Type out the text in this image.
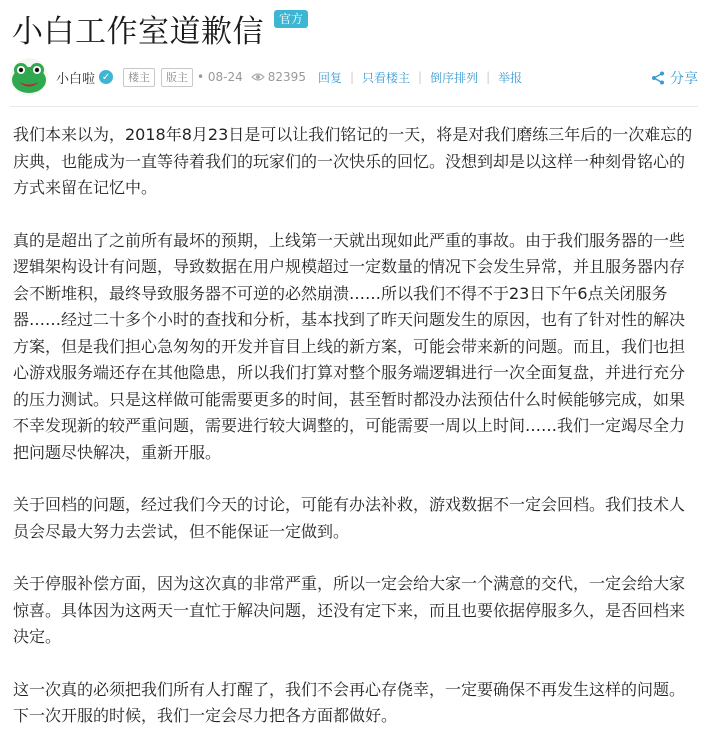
小白工作室道歉信	官方
小白啦 ✓	楼主	版主 • 08-24 82395 回复 | 只看楼主 | 倒序排列 | 举报	分享

我们本来以为，2018年8月23日是可以让我们铭记的一天，将是对我们磨练三年后的一次难忘的庆典，也能成为一直等待着我们的玩家们的一次快乐的回忆。没想到却是以这样一种刻骨铭心的方式来留在记忆中。

真的是超出了之前所有最坏的预期，上线第一天就出现如此严重的事故。由于我们服务器的一些逻辑架构设计有问题，导致数据在用户规模超过一定数量的情况下会发生异常，并且服务器内存会不断堆积，最终导致服务器不可逆的必然崩溃……所以我们不得不于23日下午6点关闭服务器……经过二十多个小时的查找和分析，基本找到了昨天问题发生的原因，也有了针对性的解决方案，但是我们担心急匆匆的开发并盲目上线的新方案，可能会带来新的问题。而且，我们也担心游戏服务端还存在其他隐患，所以我们打算对整个服务端逻辑进行一次全面复盘，并进行充分的压力测试。只是这样做可能需要更多的时间，甚至暂时都没办法预估什么时候能够完成，如果不幸发现新的较严重问题，需要进行较大调整的，可能需要一周以上时间……我们一定竭尽全力把问题尽快解决，重新开服。

关于回档的问题，经过我们今天的讨论，可能有办法补救，游戏数据不一定会回档。我们技术人员会尽最大努力去尝试，但不能保证一定做到。

关于停服补偿方面，因为这次真的非常严重，所以一定会给大家一个满意的交代，一定会给大家惊喜。具体因为这两天一直忙于解决问题，还没有定下来，而且也要依据停服多久，是否回档来决定。

这一次真的必须把我们所有人打醒了，我们不会再心存侥幸，一定要确保不再发生这样的问题。下一次开服的时候，我们一定会尽力把各方面都做好。
